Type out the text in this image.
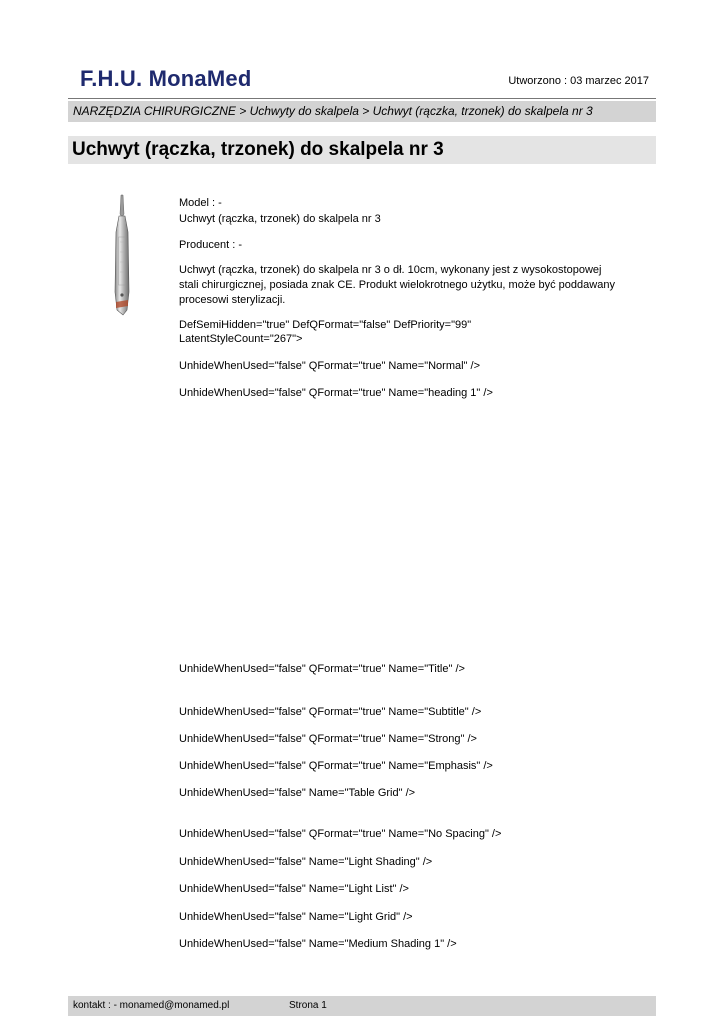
F.H.U. MonaMed	Utworzono : 03 marzec 2017
NARZĘDZIA CHIRURGICZNE > Uchwyty do skalpela > Uchwyt (rączka, trzonek) do skalpela nr 3
Uchwyt (rączka, trzonek) do skalpela nr 3
Model : -
Uchwyt (rączka, trzonek) do skalpela nr 3
Producent : -
Uchwyt (rączka, trzonek) do skalpela nr 3 o dł. 10cm, wykonany jest z wysokostopowej stali chirurgicznej, posiada znak CE. Produkt wielokrotnego użytku, może być poddawany procesowi sterylizacji.
DefSemiHidden="true" DefQFormat="false" DefPriority="99"
LatentStyleCount="267">
UnhideWhenUsed="false" QFormat="true" Name="Normal" />
UnhideWhenUsed="false" QFormat="true" Name="heading 1" />
UnhideWhenUsed="false" QFormat="true" Name="Title" />
UnhideWhenUsed="false" QFormat="true" Name="Subtitle" />
UnhideWhenUsed="false" QFormat="true" Name="Strong" />
UnhideWhenUsed="false" QFormat="true" Name="Emphasis" />
UnhideWhenUsed="false" Name="Table Grid" />
UnhideWhenUsed="false" QFormat="true" Name="No Spacing" />
UnhideWhenUsed="false" Name="Light Shading" />
UnhideWhenUsed="false" Name="Light List" />
UnhideWhenUsed="false" Name="Light Grid" />
UnhideWhenUsed="false" Name="Medium Shading 1" />
kontakt : - monamed@monamed.pl	Strona 1
